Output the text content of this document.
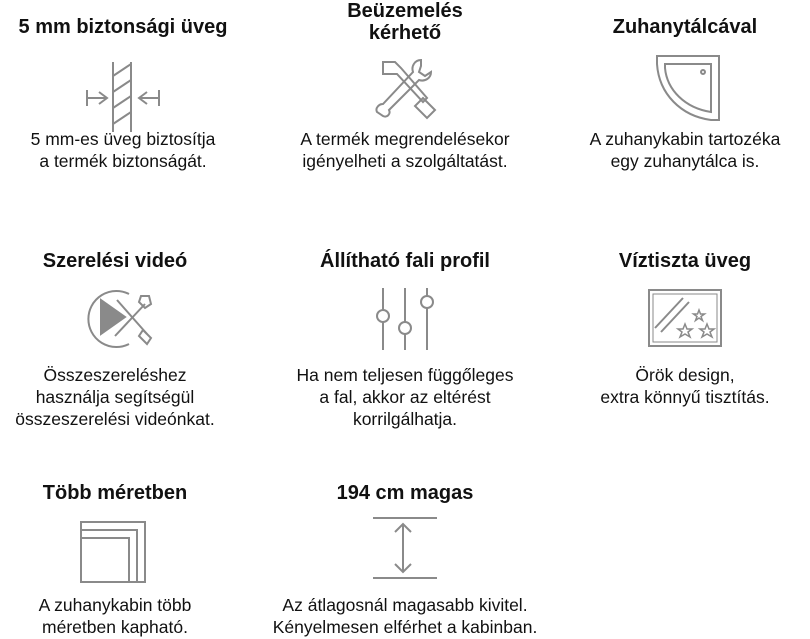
5 mm biztonsági üveg
5 mm-es üveg biztosítja
a termék biztonságát.
Beüzemelés
kérhető
A termék megrendelésekor
igényelheti a szolgáltatást.
Zuhanytálcával
A zuhanykabin tartozéka
egy zuhanytálca is.
Szerelési videó
Összeszereléshez
használja segítségül
összeszerelési videónkat.
Állítható fali profil
Ha nem teljesen függőleges
a fal, akkor az eltérést
korrilgálhatja.
Víztiszta üveg
Örök design,
extra könnyű tisztítás.
Több méretben
A zuhanykabin több
méretben kapható.
194 cm magas
Az átlagosnál magasabb kivitel.
Kényelmesen elférhet a kabinban.
